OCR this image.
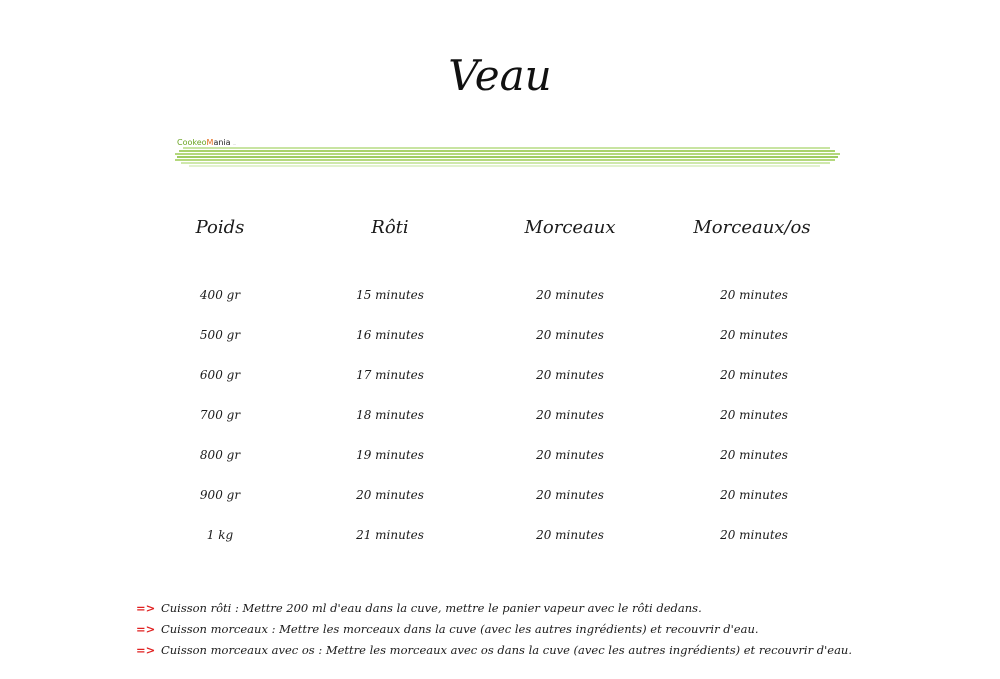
Veau
CookeoMania ...
Poids	Rôti	Morceaux	Morceaux/os
400 gr	15 minutes	20 minutes	20 minutes
500 gr	16 minutes	20 minutes	20 minutes
600 gr	17 minutes	20 minutes	20 minutes
700 gr	18 minutes	20 minutes	20 minutes
800 gr	19 minutes	20 minutes	20 minutes
900 gr	20 minutes	20 minutes	20 minutes
1 kg	21 minutes	20 minutes	20 minutes
=> Cuisson rôti : Mettre 200 ml d'eau dans la cuve, mettre le panier vapeur avec le rôti dedans.
=> Cuisson morceaux : Mettre les morceaux dans la cuve (avec les autres ingrédients) et recouvrir d'eau.
=> Cuisson morceaux avec os : Mettre les morceaux avec os dans la cuve (avec les autres ingrédients) et recouvrir d'eau.
